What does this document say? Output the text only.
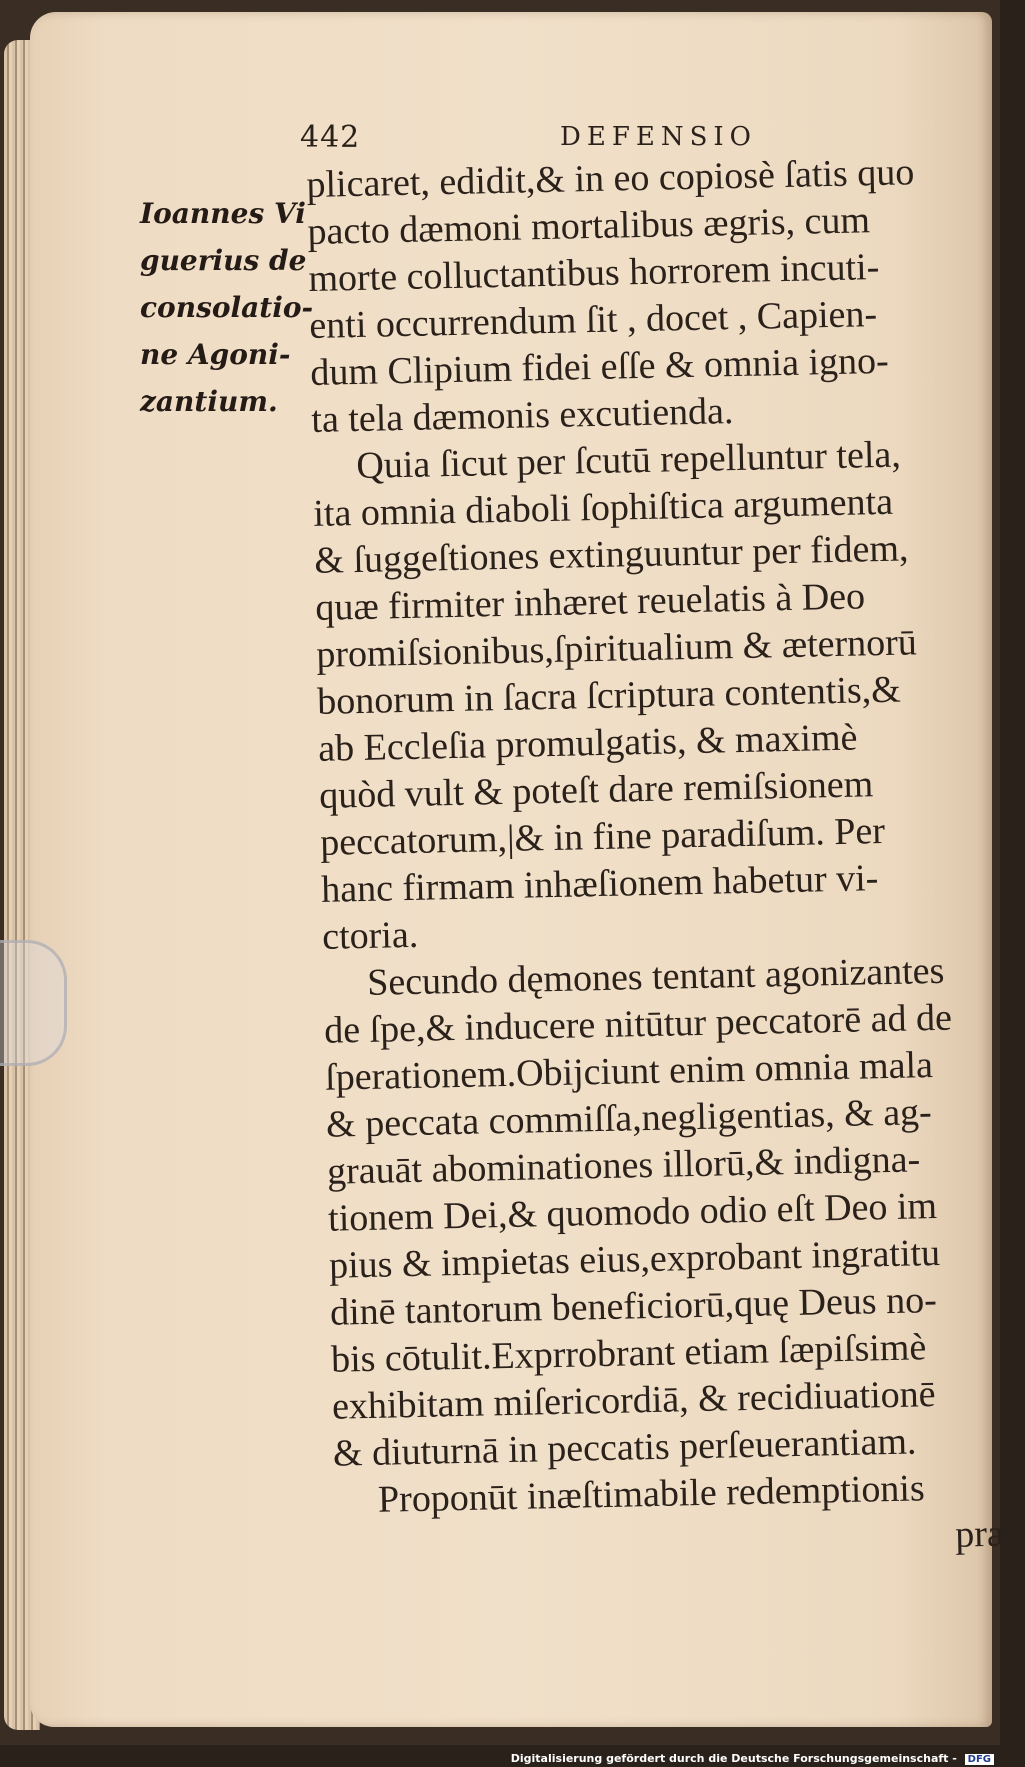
442	DEFENSIO
Ioannes Vi
guerius de
consolatio-
ne Agoni-
zantium.
plicaret, edidit,& in eo copiosè ſatis quo
pacto dæmoni mortalibus ægris, cum
morte colluctantibus horrorem incuti-
enti occurrendum ſit , docet , Capien-
dum Clipium fidei eſſe & omnia igno-
ta tela dæmonis excutienda.
Quia ſicut per ſcutū repelluntur tela,
ita omnia diaboli ſophiſtica argumenta
& ſuggeſtiones extinguuntur per fidem,
quæ firmiter inhæret reuelatis à Deo
promiſsionibus,ſpiritualium & æternorū
bonorum in ſacra ſcriptura contentis,&
ab Eccleſia promulgatis, & maximè
quòd vult & poteſt dare remiſsionem
peccatorum,|& in fine paradiſum. Per
hanc firmam inhæſionem habetur vi-
ctoria.
Secundo dęmones tentant agonizantes
de ſpe,& inducere nitūtur peccatorē ad de
ſperationem.Obijciunt enim omnia mala
& peccata commiſſa,negligentias, & ag-
grauāt abominationes illorū,& indigna-
tionem Dei,& quomodo odio eſt Deo im
pius & impietas eius,exprobant ingratitu
dinē tantorum beneficiorū,quę Deus no-
bis cōtulit.Exprrobrant etiam ſæpiſsimè
exhibitam miſericordiā, & recidiuationē
& diuturnā in peccatis perſeuerantiam.
Proponūt inæſtimabile redemptionis
præ-
Digitalisierung gefördert durch die Deutsche Forschungsgemeinschaft - DFG
